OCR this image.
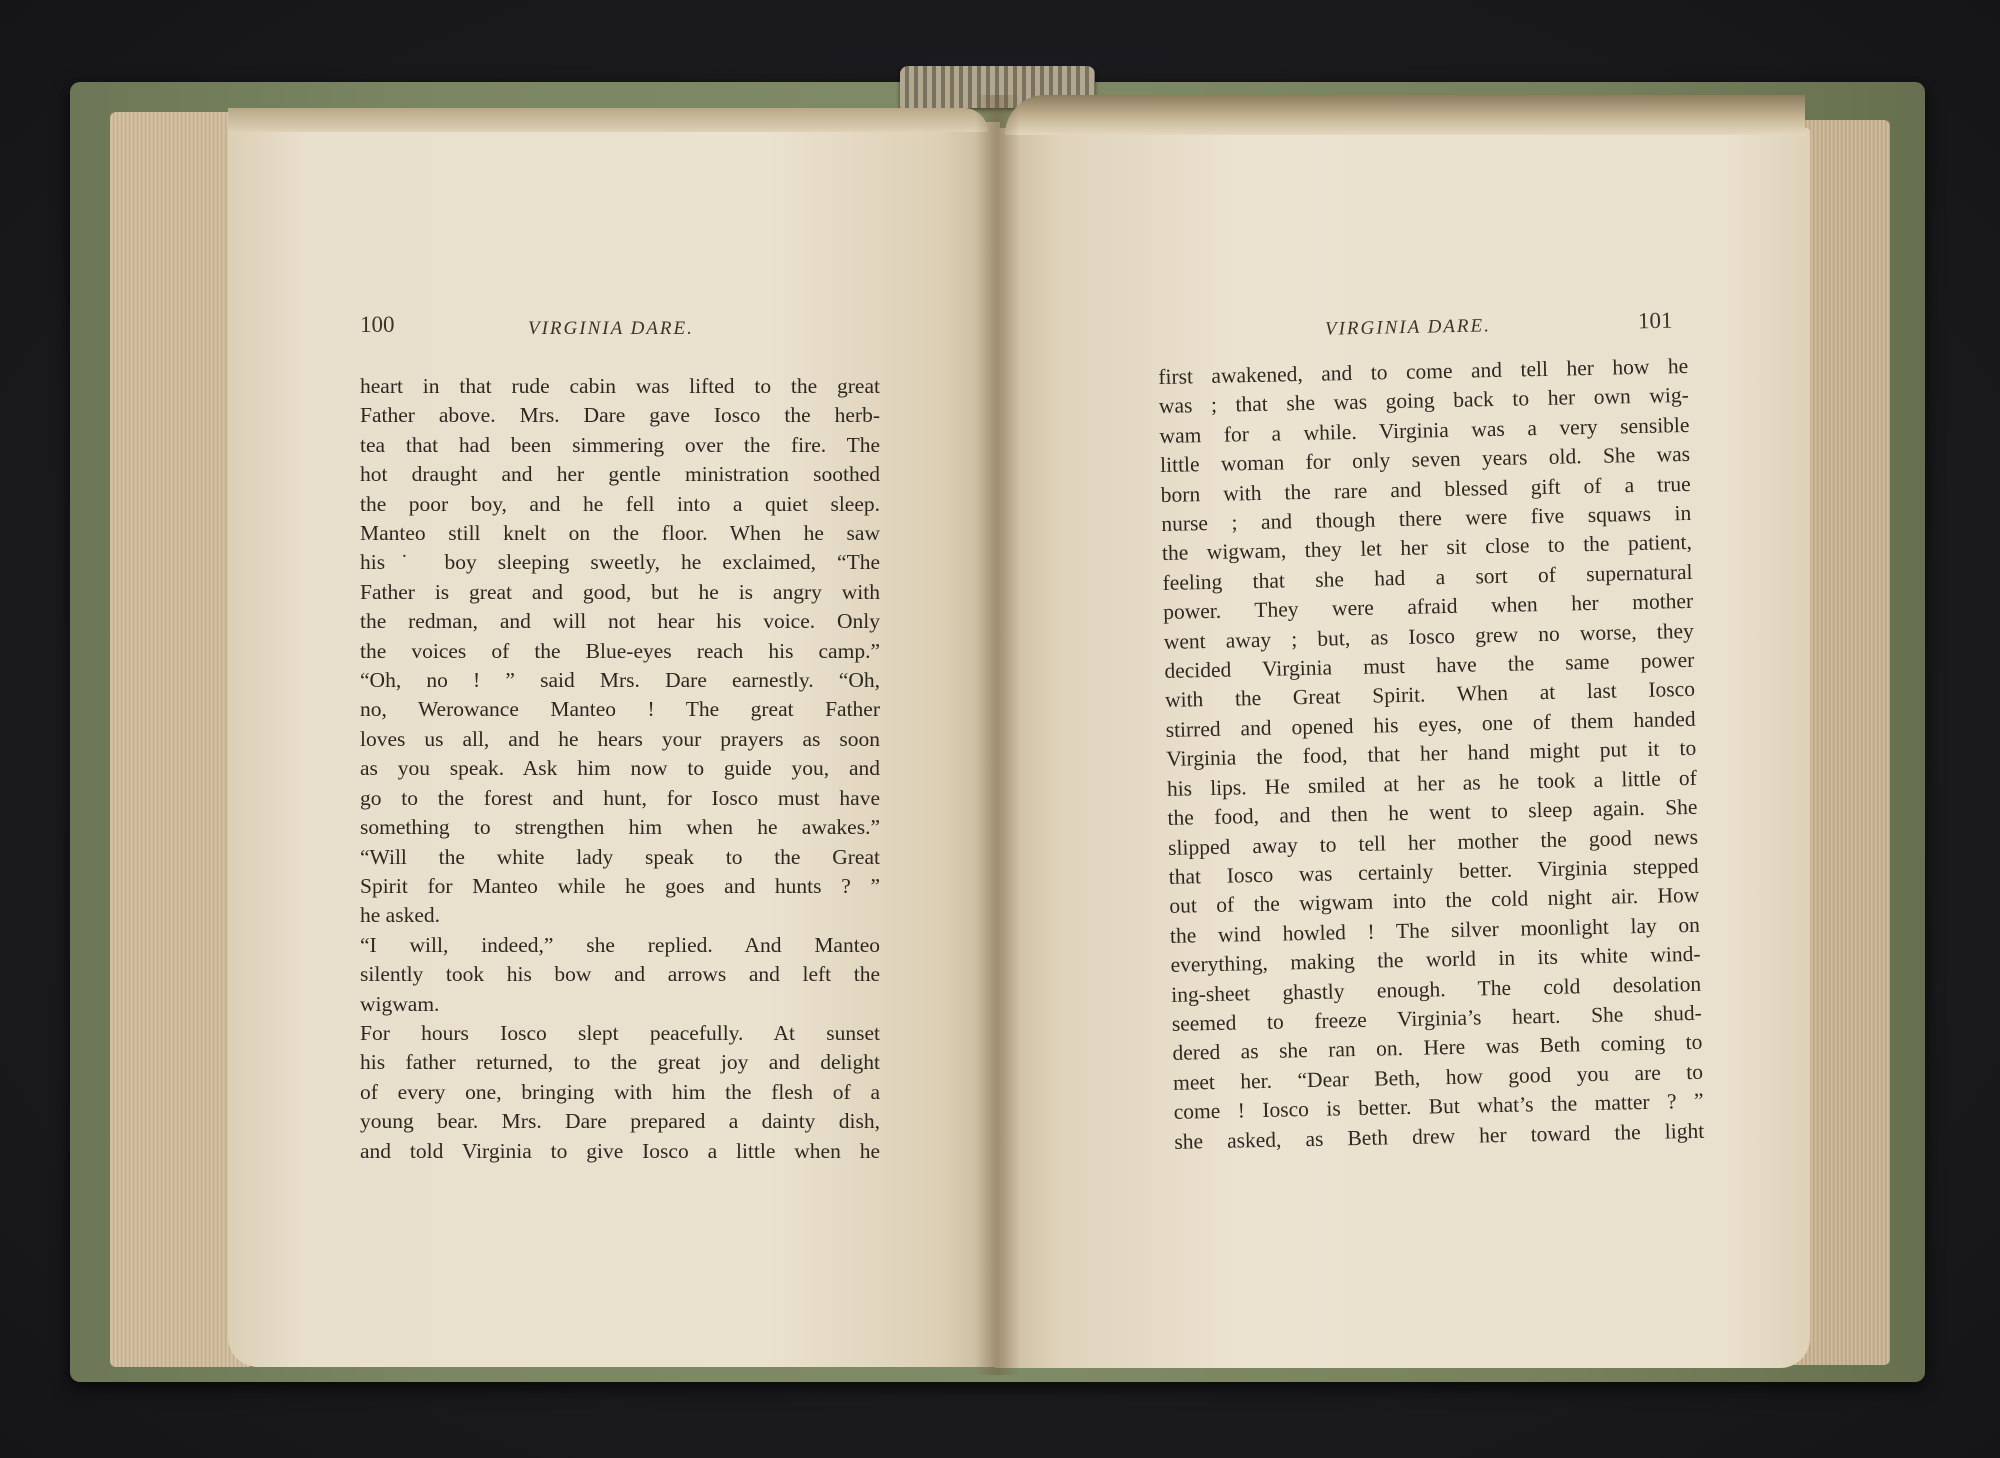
100	VIRGINIA DARE.	VIRGINIA DARE.	101
heart in that rude cabin was lifted to the great
Father above. Mrs. Dare gave Iosco the herb-
tea that had been simmering over the fire. The
hot draught and her gentle ministration soothed
the poor boy, and he fell into a quiet sleep.
Manteo still knelt on the floor. When he saw
his˙ boy sleeping sweetly, he exclaimed, “The
Father is great and good, but he is angry with
the redman, and will not hear his voice. Only
the voices of the Blue-eyes reach his camp.”
“Oh, no ! ” said Mrs. Dare earnestly. “Oh,
no, Werowance Manteo ! The great Father
loves us all, and he hears your prayers as soon
as you speak. Ask him now to guide you, and
go to the forest and hunt, for Iosco must have
something to strengthen him when he awakes.”
“Will the white lady speak to the Great
Spirit for Manteo while he goes and hunts ? ”
he asked.
“I will, indeed,” she replied. And Manteo
silently took his bow and arrows and left the
wigwam.
For hours Iosco slept peacefully. At sunset
his father returned, to the great joy and delight
of every one, bringing with him the flesh of a
young bear. Mrs. Dare prepared a dainty dish,
and told Virginia to give Iosco a little when he
first awakened, and to come and tell her how he
was ; that she was going back to her own wig-
wam for a while. Virginia was a very sensible
little woman for only seven years old. She was
born with the rare and blessed gift of a true
nurse ; and though there were five squaws in
the wigwam, they let her sit close to the patient,
feeling that she had a sort of supernatural
power. They were afraid when her mother
went away ; but, as Iosco grew no worse, they
decided Virginia must have the same power
with the Great Spirit. When at last Iosco
stirred and opened his eyes, one of them handed
Virginia the food, that her hand might put it to
his lips. He smiled at her as he took a little of
the food, and then he went to sleep again. She
slipped away to tell her mother the good news
that Iosco was certainly better. Virginia stepped
out of the wigwam into the cold night air. How
the wind howled ! The silver moonlight lay on
everything, making the world in its white wind-
ing-sheet ghastly enough. The cold desolation
seemed to freeze Virginia’s heart. She shud-
dered as she ran on. Here was Beth coming to
meet her. “Dear Beth, how good you are to
come ! Iosco is better. But what’s the matter ? ”
she asked, as Beth drew her toward the light
